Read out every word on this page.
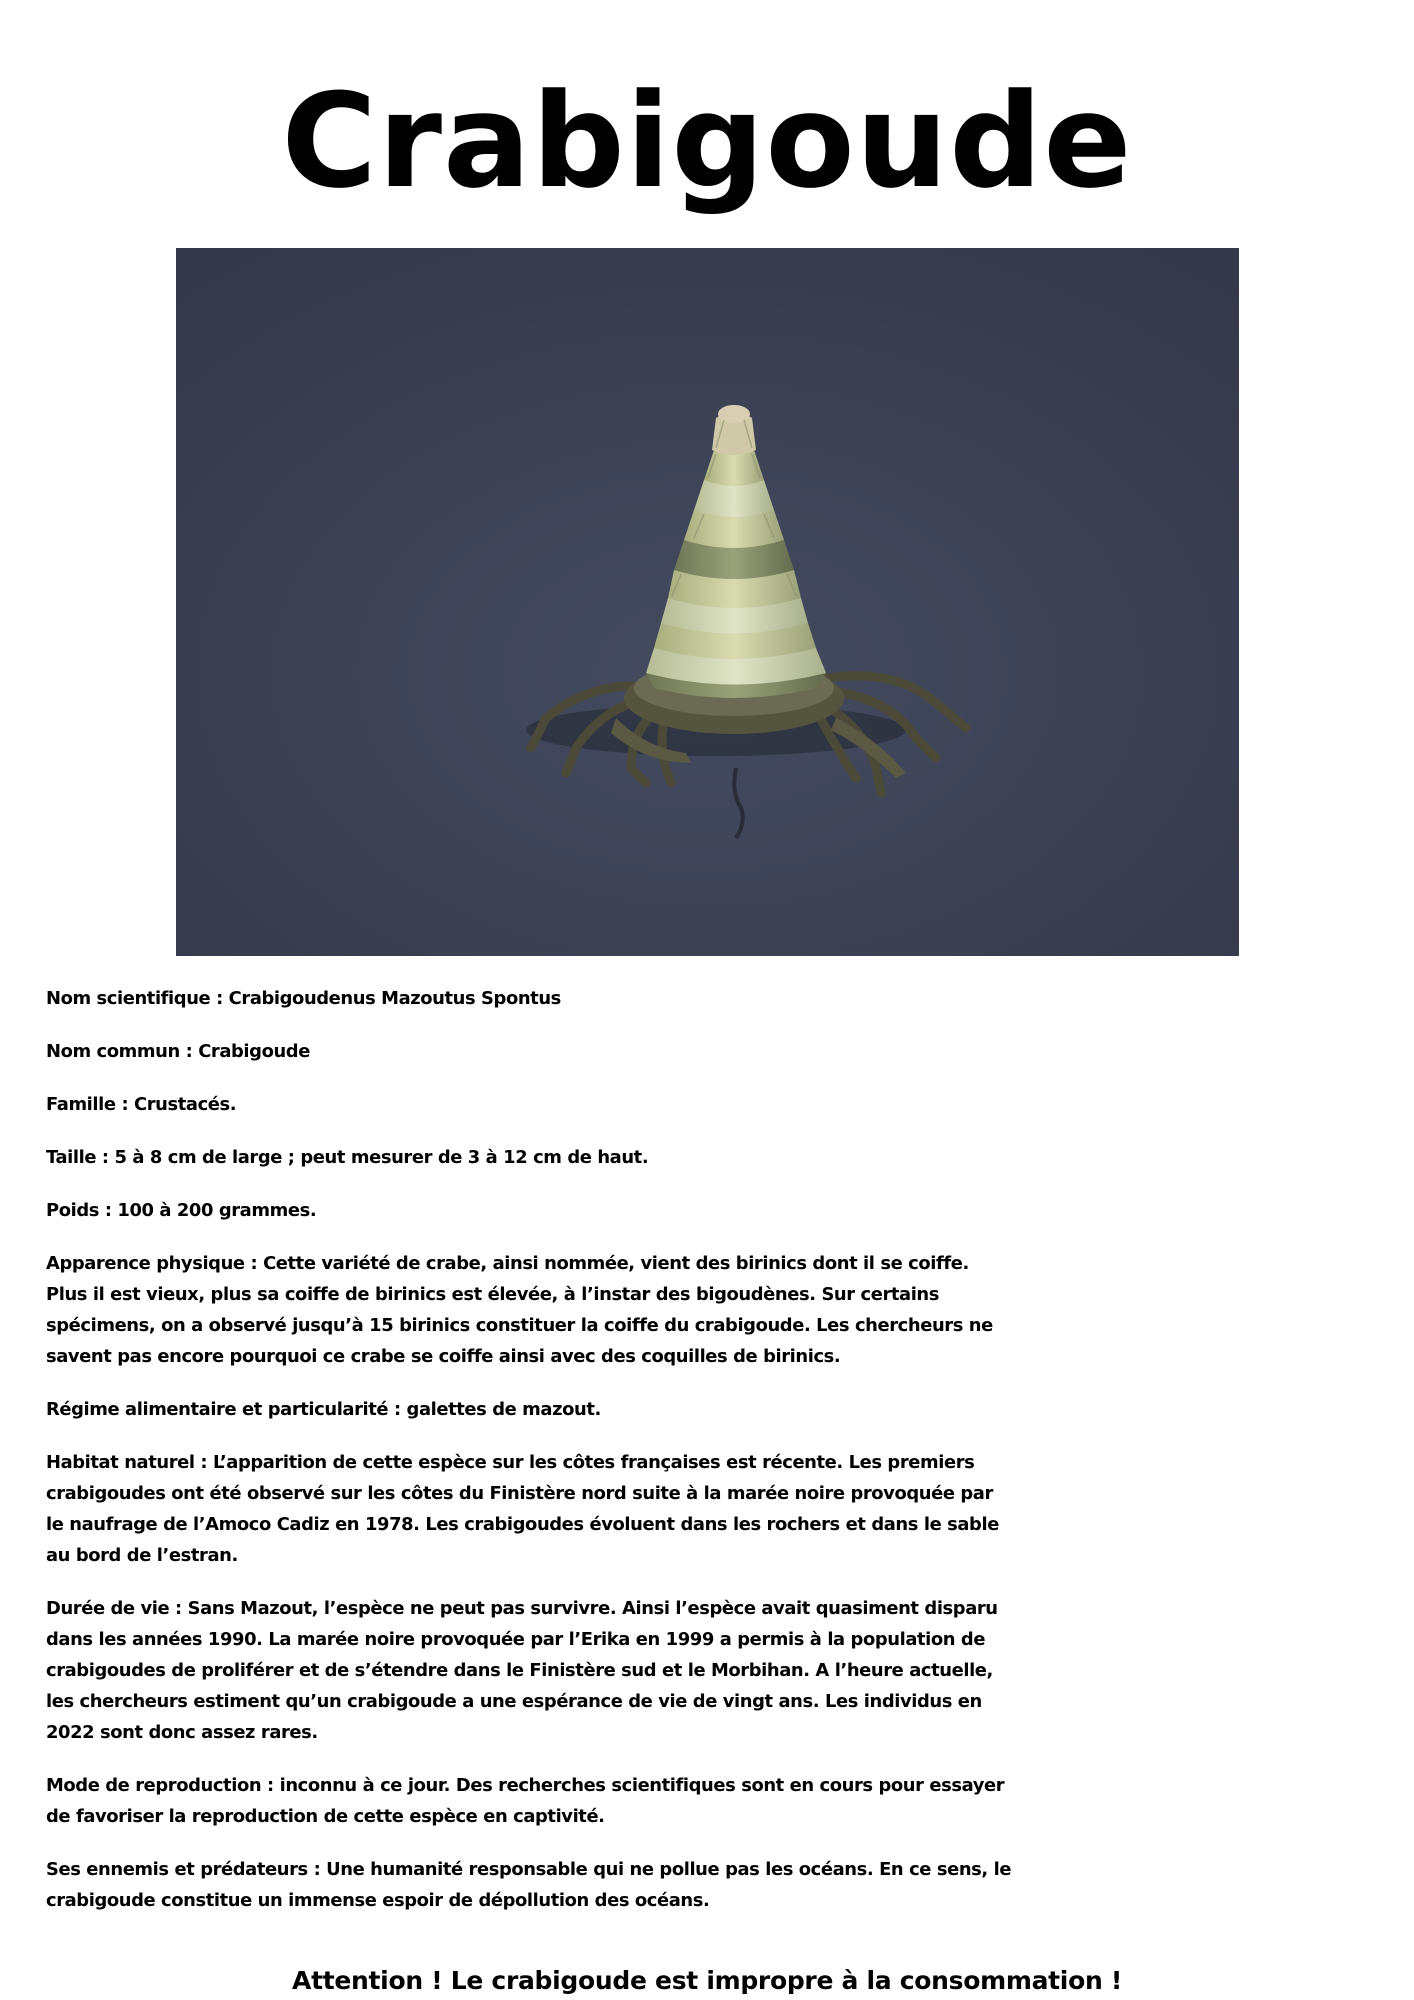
Crabigoude
Nom scientifique : Crabigoudenus Mazoutus Spontus
Nom commun : Crabigoude
Famille : Crustacés.
Taille : 5 à 8 cm de large ; peut mesurer de 3 à 12 cm de haut.
Poids : 100 à 200 grammes.
Apparence physique : Cette variété de crabe, ainsi nommée, vient des birinics dont il se coiffe.
Plus il est vieux, plus sa coiffe de birinics est élevée, à l’instar des bigoudènes. Sur certains
spécimens, on a observé jusqu’à 15 birinics constituer la coiffe du crabigoude. Les chercheurs ne
savent pas encore pourquoi ce crabe se coiffe ainsi avec des coquilles de birinics.
Régime alimentaire et particularité : galettes de mazout.
Habitat naturel : L’apparition de cette espèce sur les côtes françaises est récente. Les premiers
crabigoudes ont été observé sur les côtes du Finistère nord suite à la marée noire provoquée par
le naufrage de l’Amoco Cadiz en 1978. Les crabigoudes évoluent dans les rochers et dans le sable
au bord de l’estran.
Durée de vie : Sans Mazout, l’espèce ne peut pas survivre. Ainsi l’espèce avait quasiment disparu
dans les années 1990. La marée noire provoquée par l’Erika en 1999 a permis à la population de
crabigoudes de proliférer et de s’étendre dans le Finistère sud et le Morbihan. A l’heure actuelle,
les chercheurs estiment qu’un crabigoude a une espérance de vie de vingt ans. Les individus en
2022 sont donc assez rares.
Mode de reproduction : inconnu à ce jour. Des recherches scientifiques sont en cours pour essayer
de favoriser la reproduction de cette espèce en captivité.
Ses ennemis et prédateurs : Une humanité responsable qui ne pollue pas les océans. En ce sens, le
crabigoude constitue un immense espoir de dépollution des océans.
Attention ! Le crabigoude est impropre à la consommation !
